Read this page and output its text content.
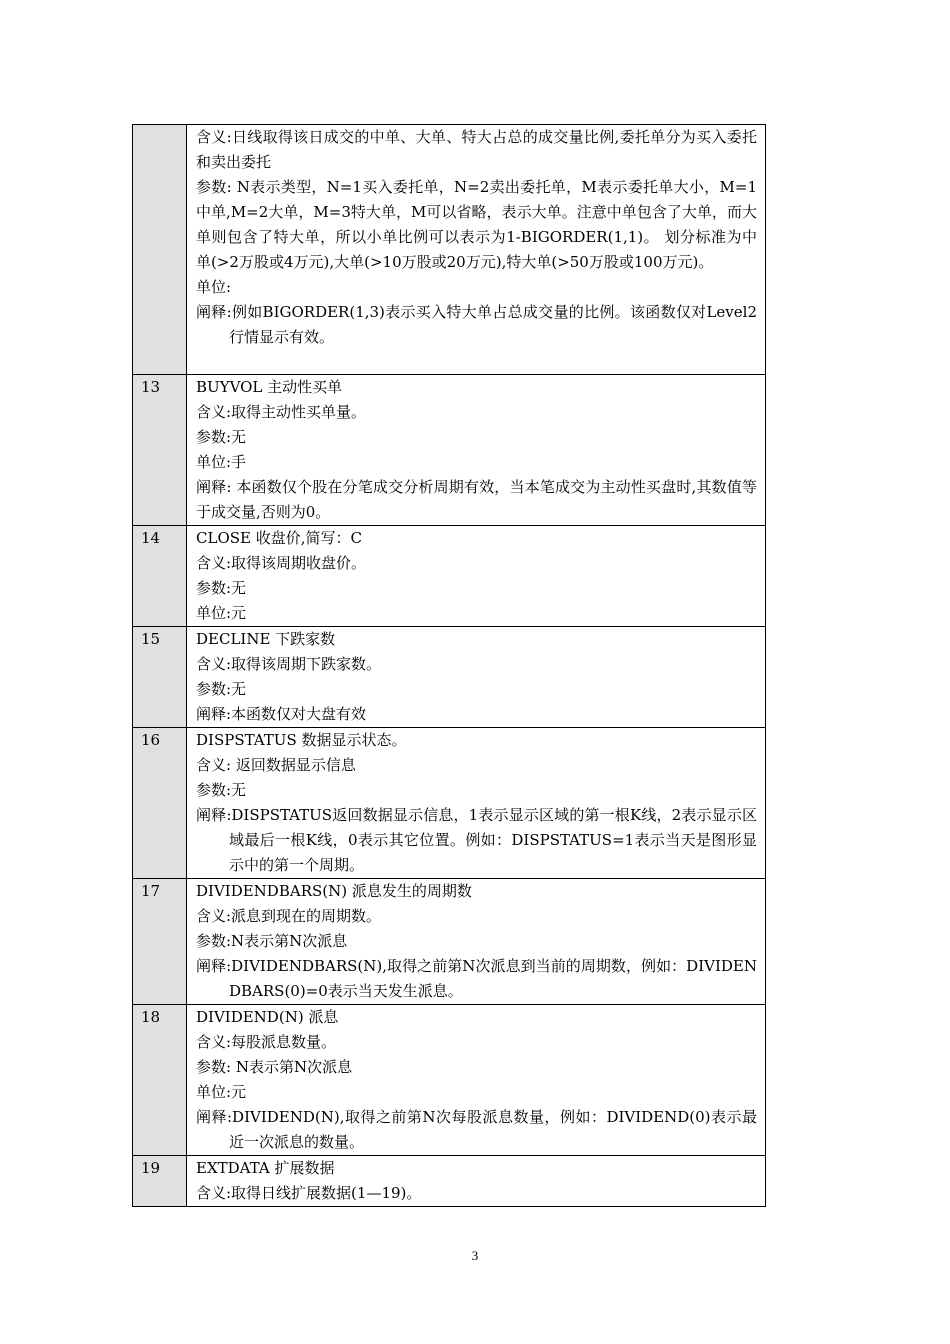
	含义:日线取得该日成交的中单、大单、特大占总的成交量比例,委托单分为买入委托和卖出委托
参数: N表示类型，N=1买入委托单，N=2卖出委托单，M表示委托单大小，M=1中单,M=2大单，M=3特大单，M可以省略，表示大单。注意中单包含了大单，而大单则包含了特大单，所以小单比例可以表示为1-BIGORDER(1,1)。 划分标准为中单(>2万股或4万元),大单(>10万股或20万元),特大单(>50万股或100万元)。
单位:
阐释:例如BIGORDER(1,3)表示买入特大单占总成交量的比例。该函数仅对Level2行情显示有效。

13	BUYVOL 主动性买单
含义:取得主动性买单量。
参数:无
单位:手
阐释: 本函数仅个股在分笔成交分析周期有效，当本笔成交为主动性买盘时,其数值等于成交量,否则为0。

14	CLOSE 收盘价,简写：C
含义:取得该周期收盘价。
参数:无
单位:元

15	DECLINE 下跌家数
含义:取得该周期下跌家数。
参数:无
阐释:本函数仅对大盘有效

16	DISPSTATUS 数据显示状态。
含义: 返回数据显示信息
参数:无
阐释:DISPSTATUS返回数据显示信息，1表示显示区域的第一根K线，2表示显示区域最后一根K线，0表示其它位置。例如：DISPSTATUS=1表示当天是图形显示中的第一个周期。

17	DIVIDENDBARS(N) 派息发生的周期数
含义:派息到现在的周期数。
参数:N表示第N次派息
阐释:DIVIDENDBARS(N),取得之前第N次派息到当前的周期数，例如：DIVIDENDBARS(0)=0表示当天发生派息。

18	DIVIDEND(N) 派息
含义:每股派息数量。
参数: N表示第N次派息
单位:元
阐释:DIVIDEND(N),取得之前第N次每股派息数量，例如：DIVIDEND(0)表示最近一次派息的数量。

19	EXTDATA 扩展数据
含义:取得日线扩展数据(1—19)。
3
